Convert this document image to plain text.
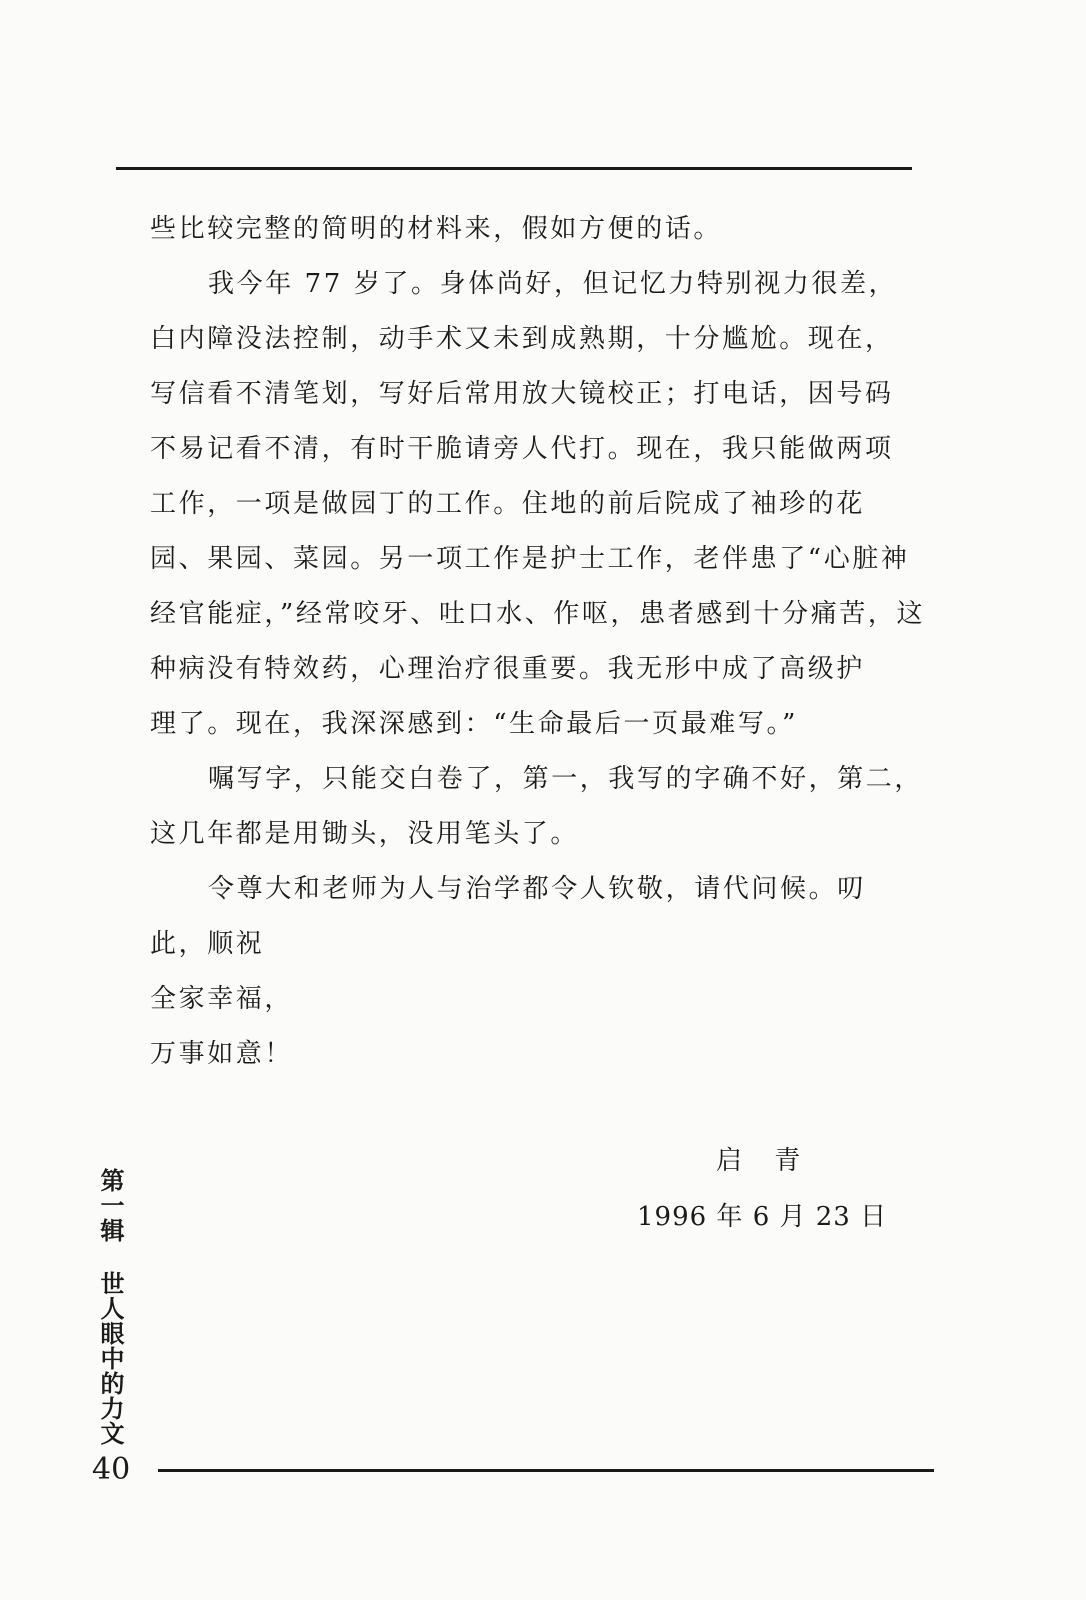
些比较完整的简明的材料来，假如方便的话。
我今年 77 岁了。身体尚好，但记忆力特别视力很差，
白内障没法控制，动手术又未到成熟期，十分尴尬。现在，
写信看不清笔划，写好后常用放大镜校正；打电话，因号码
不易记看不清，有时干脆请旁人代打。现在，我只能做两项
工作，一项是做园丁的工作。住地的前后院成了袖珍的花
园、果园、菜园。另一项工作是护士工作，老伴患了“心脏神
经官能症，”经常咬牙、吐口水、作呕，患者感到十分痛苦，这
种病没有特效药，心理治疗很重要。我无形中成了高级护
理了。现在，我深深感到：“生命最后一页最难写。”
嘱写字，只能交白卷了，第一，我写的字确不好，第二，
这几年都是用锄头，没用笔头了。
令尊大和老师为人与治学都令人钦敬，请代问候。叨
此，顺祝
全家幸福，
万事如意！
启 青
1996 年 6 月 23 日
第一辑世人眼中的力文
40
